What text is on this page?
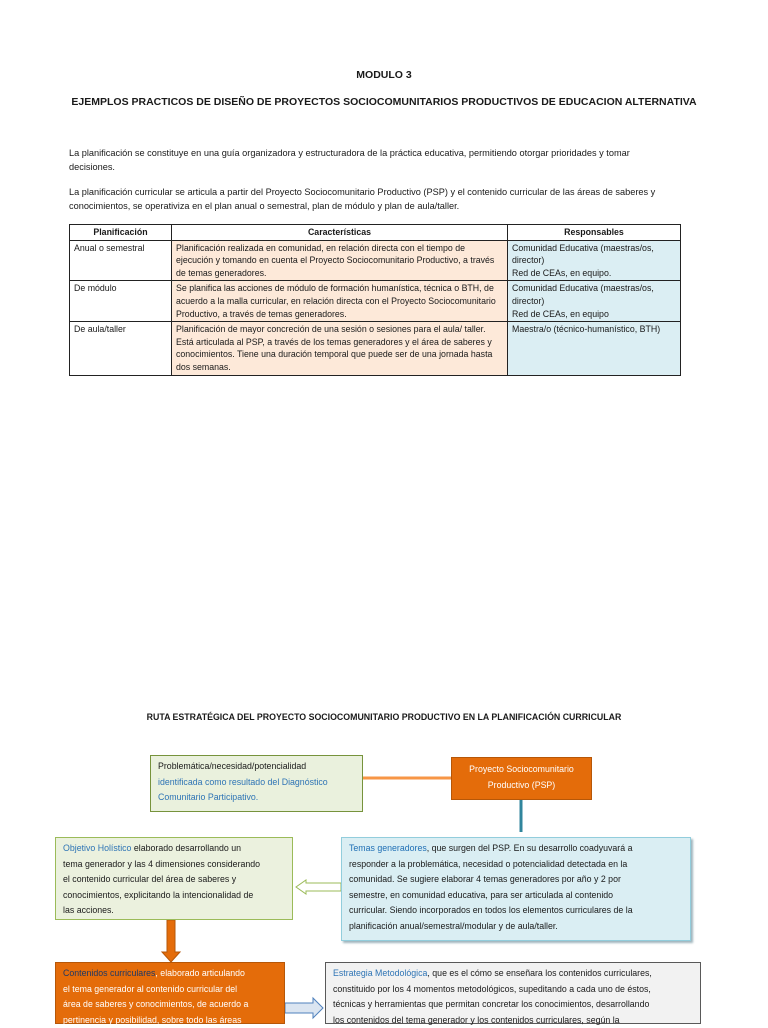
MODULO 3
EJEMPLOS PRACTICOS DE DISEÑO DE PROYECTOS SOCIOCOMUNITARIOS PRODUCTIVOS DE EDUCACION ALTERNATIVA
La planificación se constituye en una guía organizadora y estructuradora de la práctica educativa, permitiendo otorgar prioridades y tomar
decisiones.
La planificación curricular se articula a partir del Proyecto Sociocomunitario Productivo (PSP) y el contenido curricular de las áreas de saberes y
conocimientos, se operativiza en el plan anual o semestral, plan de módulo y plan de aula/taller.
Planificación	Características	Responsables
Anual o semestral	Planificación realizada en comunidad, en relación directa con el tiempo de ejecución y tomando en cuenta el Proyecto Sociocomunitario Productivo, a través de temas generadores.	Comunidad Educativa (maestras/os, director)
Red de CEAs, en equipo.

De módulo	Se planifica las acciones de módulo de formación humanística, técnica o BTH, de acuerdo a la malla curricular, en relación directa con el Proyecto Sociocomunitario Productivo, a través de temas generadores.	Comunidad Educativa (maestras/os, director)
Red de CEAs, en equipo

De aula/taller	Planificación de mayor concreción de una sesión o sesiones para el aula/ taller. Está articulada al PSP, a través de los temas generadores y el área de saberes y conocimientos. Tiene una duración temporal que puede ser de una jornada hasta dos semanas.	Maestra/o (técnico-humanístico, BTH)
RUTA ESTRATÉGICA DEL PROYECTO SOCIOCOMUNITARIO PRODUCTIVO EN LA PLANIFICACIÓN CURRICULAR
Problemática/necesidad/potencialidad
identificada como resultado del Diagnóstico
Comunitario Participativo.
Proyecto Sociocomunitario
Productivo (PSP)
Objetivo Holístico elaborado desarrollando un
tema generador y las 4 dimensiones considerando
el contenido curricular del área de saberes y
conocimientos, explicitando la intencionalidad de
las acciones.
Temas generadores, que surgen del PSP. En su desarrollo coadyuvará a
responder a la problemática, necesidad o potencialidad detectada en la
comunidad. Se sugiere elaborar 4 temas generadores por año y 2 por
semestre, en comunidad educativa, para ser articulada al contenido
curricular. Siendo incorporados en todos los elementos curriculares de la
planificación anual/semestral/modular y de aula/taller.
Contenidos curriculares, elaborado articulando
el tema generador al contenido curricular del
área de saberes y conocimientos, de acuerdo a
pertinencia y posibilidad, sobre todo las áreas
Estrategia Metodológica, que es el cómo se enseñara los contenidos curriculares,
constituido por los 4 momentos metodológicos, supeditando a cada uno de éstos,
técnicas y herramientas que permitan concretar los conocimientos, desarrollando
los contenidos del tema generador y los contenidos curriculares, según la
